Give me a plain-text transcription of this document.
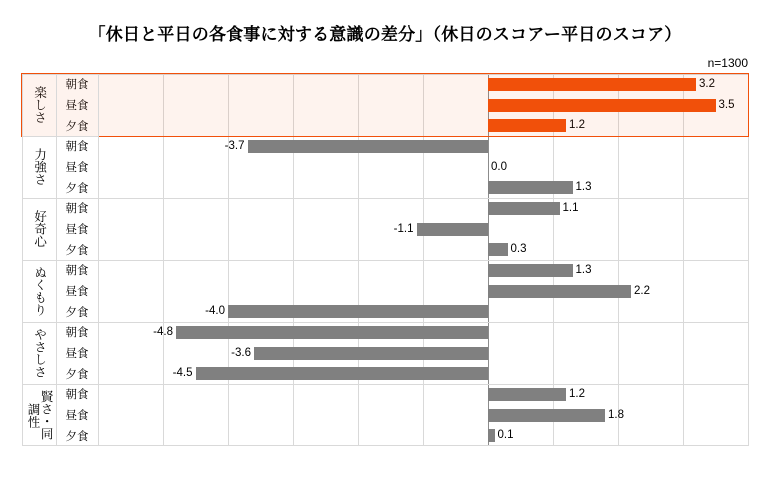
「休日と平日の各食事に対する意識の差分」（休日のスコアー平日のスコア）
n=1300
楽しさ
力強さ
好奇心
ぬくもり
やさしさ
賢さ・同調性
朝食
昼食
夕食
朝食
昼食
夕食
朝食
昼食
夕食
朝食
昼食
夕食
朝食
昼食
夕食
朝食
昼食
夕食
3.2
3.5
1.2
-3.7
0.0
1.3
1.1
-1.1
0.3
1.3
2.2
-4.0
-4.8
-3.6
-4.5
1.2
1.8
0.1
